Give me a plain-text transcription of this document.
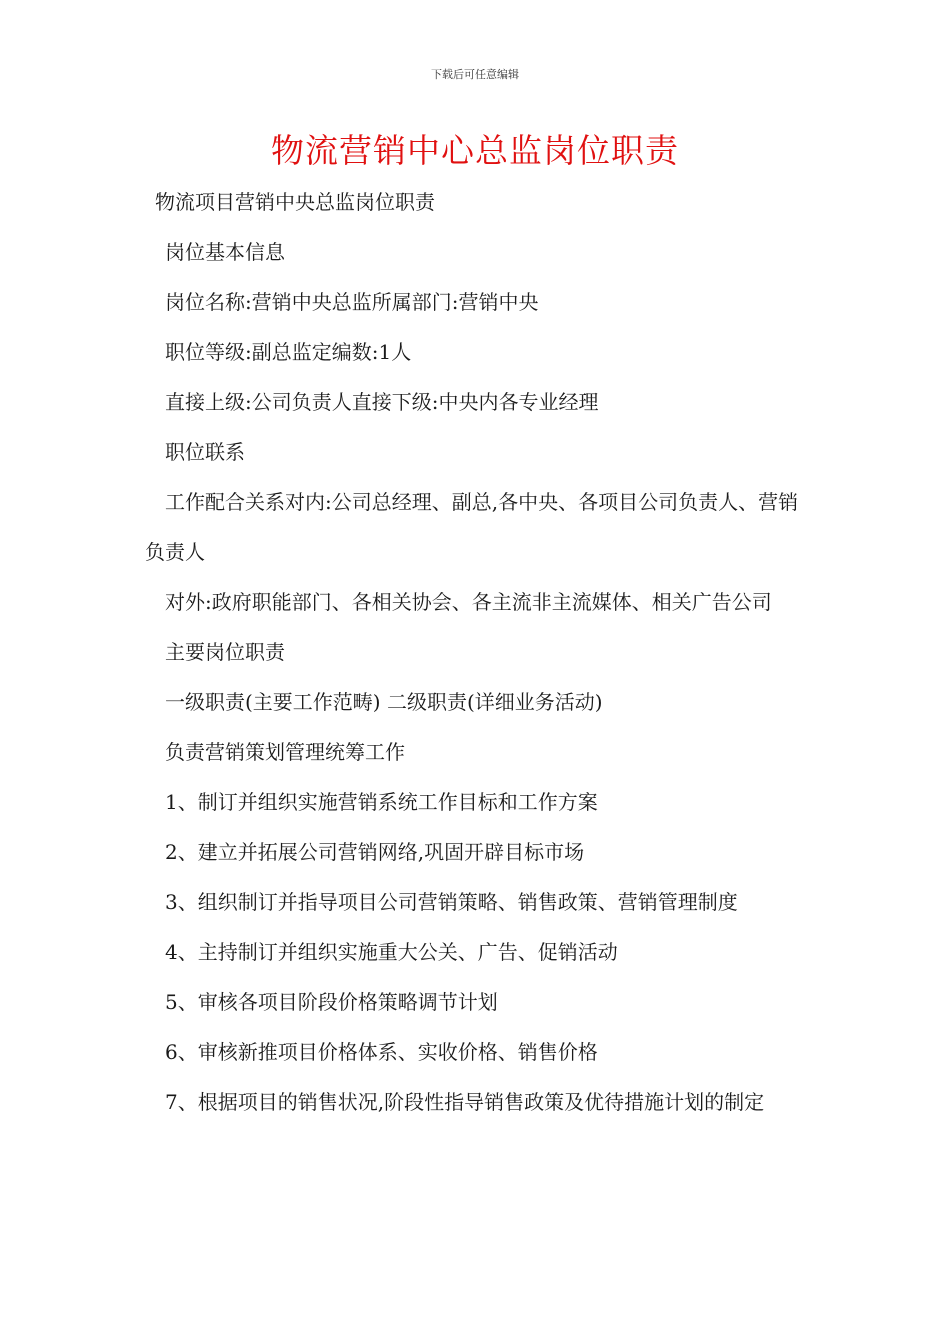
下载后可任意编辑
物流营销中心总监岗位职责

物流项目营销中央总监岗位职责

岗位基本信息

岗位名称:营销中央总监所属部门:营销中央

职位等级:副总监定编数:1人

直接上级:公司负责人直接下级:中央内各专业经理

职位联系

工作配合关系对内:公司总经理、副总,各中央、各项目公司负责人、营销负责人

对外:政府职能部门、各相关协会、各主流非主流媒体、相关广告公司

主要岗位职责

一级职责(主要工作范畴) 二级职责(详细业务活动)

负责营销策划管理统筹工作

1、制订并组织实施营销系统工作目标和工作方案

2、建立并拓展公司营销网络,巩固开辟目标市场

3、组织制订并指导项目公司营销策略、销售政策、营销管理制度

4、主持制订并组织实施重大公关、广告、促销活动

5、审核各项目阶段价格策略调节计划

6、审核新推项目价格体系、实收价格、销售价格

7、根据项目的销售状况,阶段性指导销售政策及优待措施计划的制定
